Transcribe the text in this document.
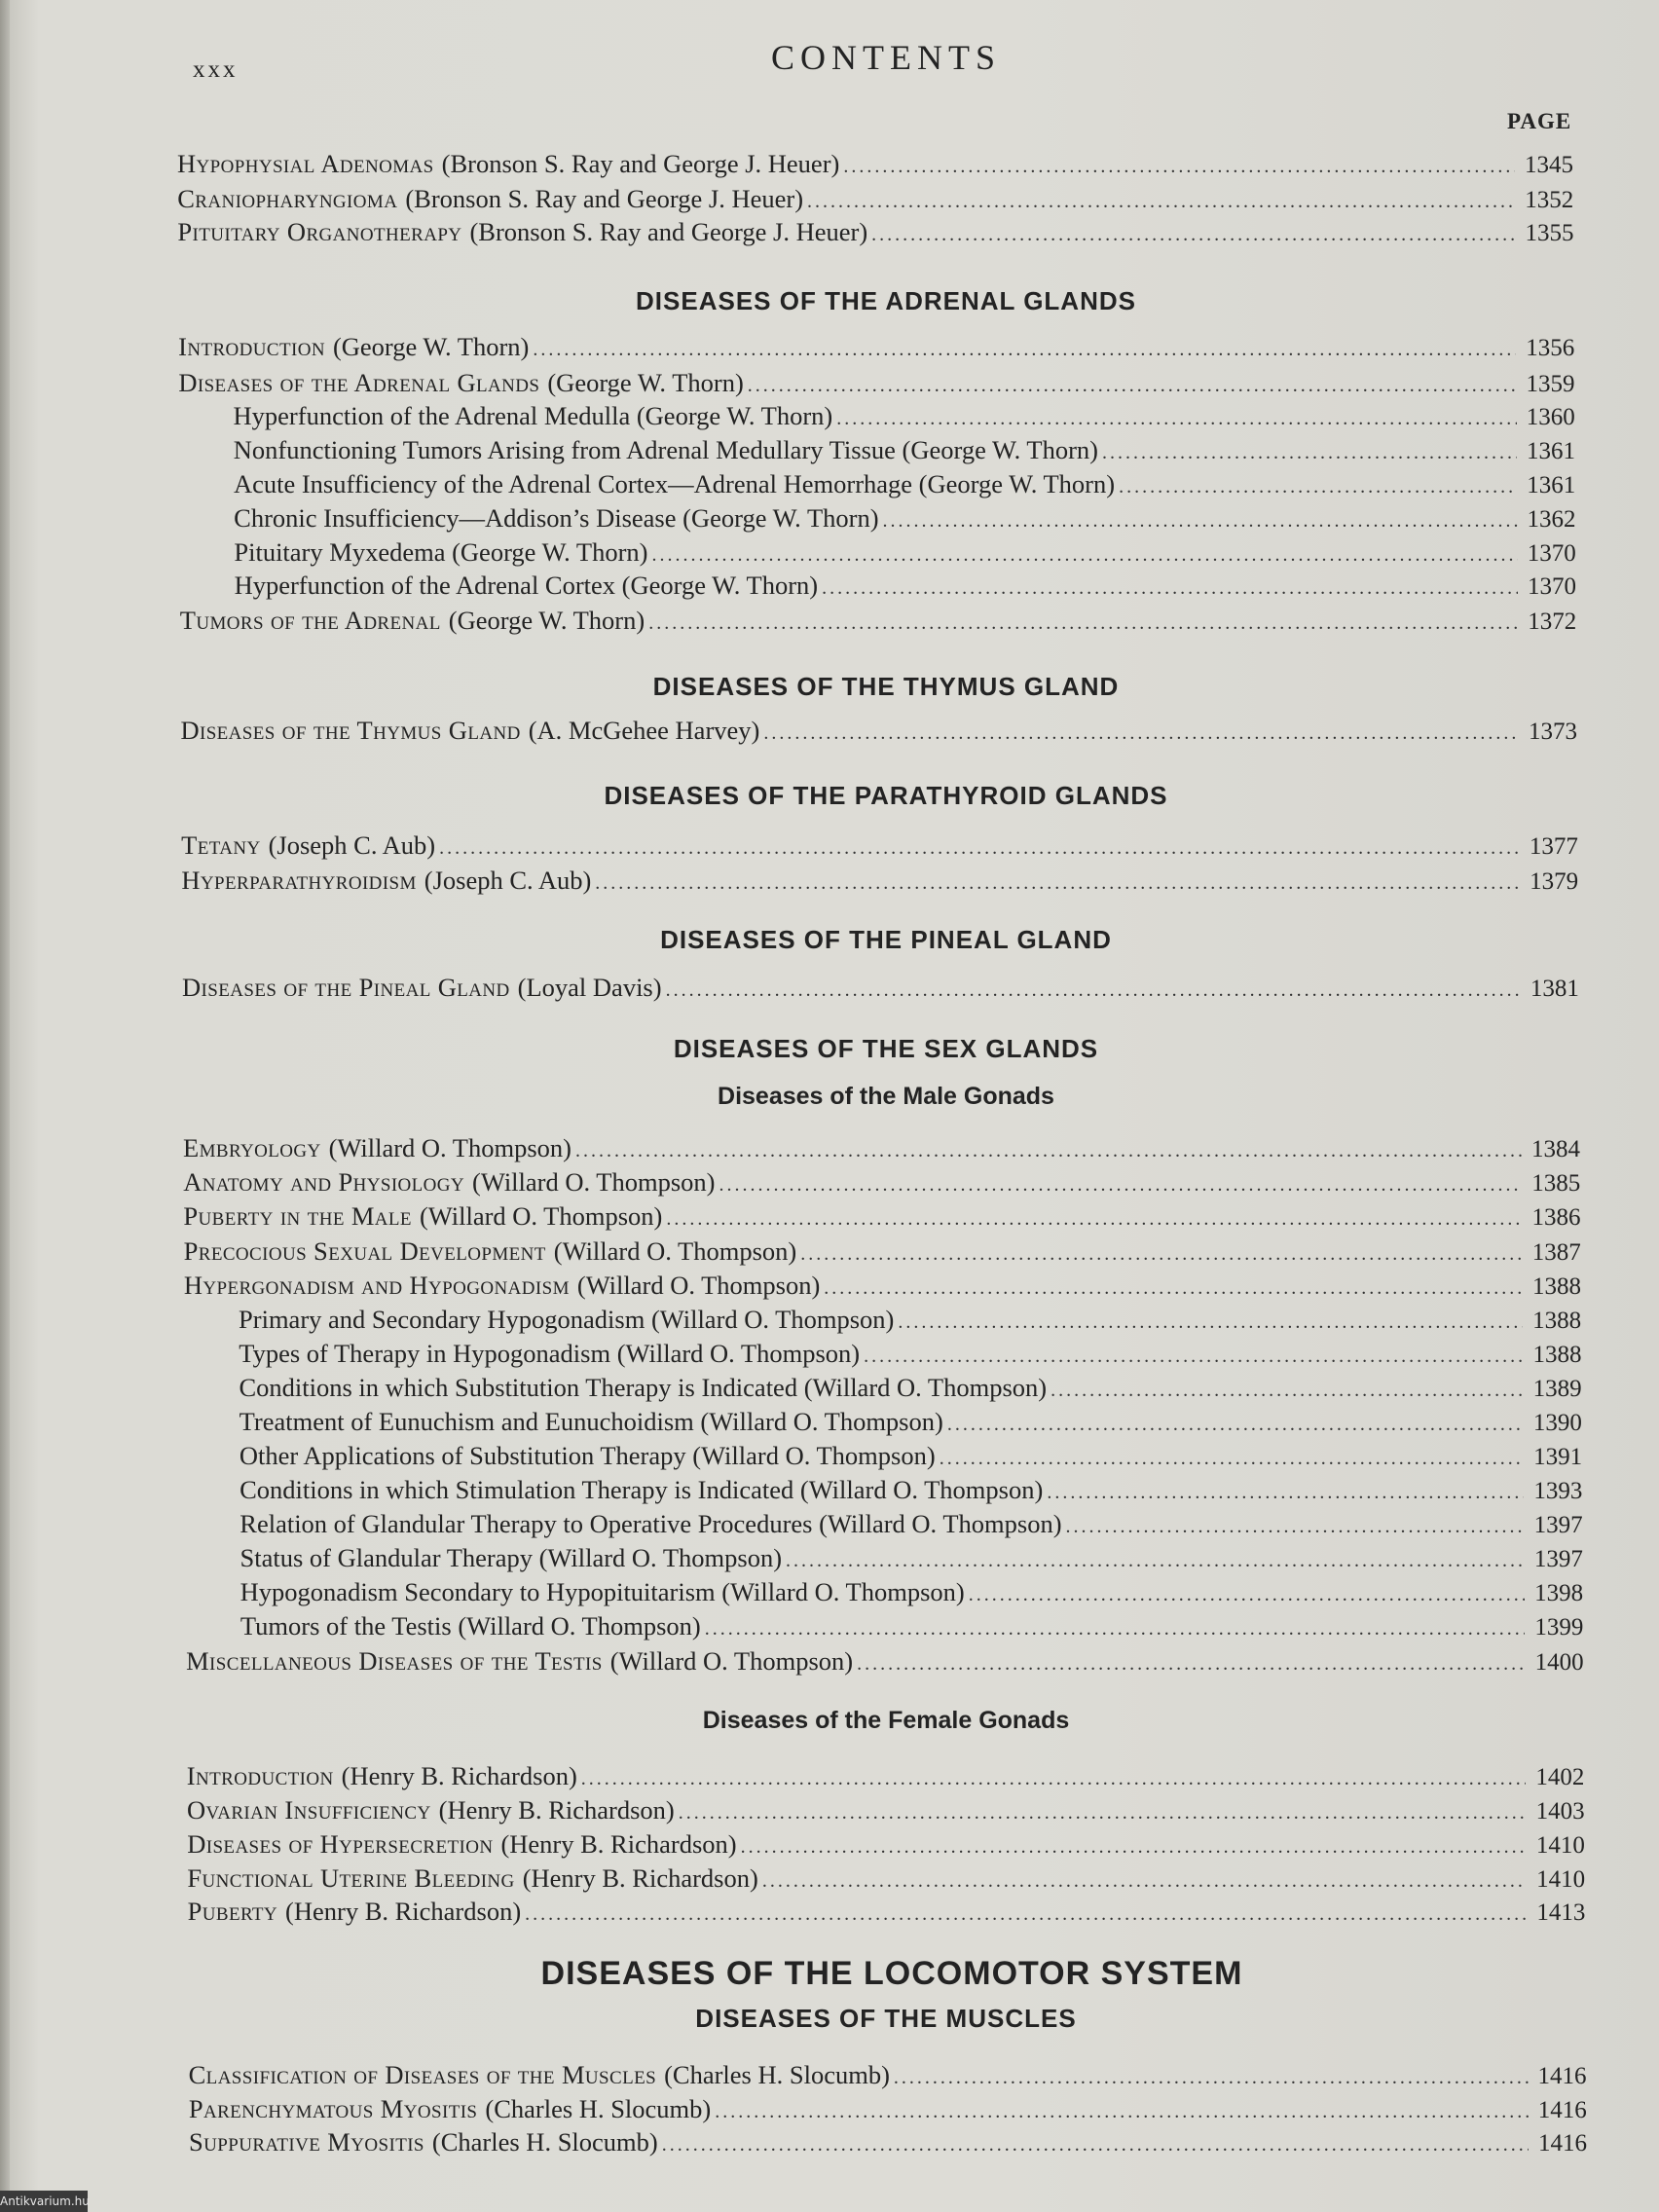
xxx	CONTENTS
PAGE
Hypophysial Adenomas (Bronson S. Ray and George J. Heuer) . . .	1345
Craniopharyngioma (Bronson S. Ray and George J. Heuer) . . .	1352
Pituitary Organotherapy (Bronson S. Ray and George J. Heuer) . . .	1355
DISEASES OF THE ADRENAL GLANDS
Introduction (George W. Thorn) . . .	1356
Diseases of the Adrenal Glands (George W. Thorn) . . .	1359
Hyperfunction of the Adrenal Medulla (George W. Thorn) . . .	1360
Nonfunctioning Tumors Arising from Adrenal Medullary Tissue (George W. Thorn) . . .	1361
Acute Insufficiency of the Adrenal Cortex—Adrenal Hemorrhage (George W. Thorn) . . .	1361
Chronic Insufficiency—Addison’s Disease (George W. Thorn) . . .	1362
Pituitary Myxedema (George W. Thorn) . . .	1370
Hyperfunction of the Adrenal Cortex (George W. Thorn) . . .	1370
Tumors of the Adrenal (George W. Thorn) . . .	1372
DISEASES OF THE THYMUS GLAND
Diseases of the Thymus Gland (A. McGehee Harvey) . . .	1373
DISEASES OF THE PARATHYROID GLANDS
Tetany (Joseph C. Aub) . . .	1377
Hyperparathyroidism (Joseph C. Aub) . . .	1379
DISEASES OF THE PINEAL GLAND
Diseases of the Pineal Gland (Loyal Davis) . . .	1381
DISEASES OF THE SEX GLANDS
Diseases of the Male Gonads
Embryology (Willard O. Thompson) . . .	1384
Anatomy and Physiology (Willard O. Thompson) . . .	1385
Puberty in the Male (Willard O. Thompson) . . .	1386
Precocious Sexual Development (Willard O. Thompson) . . .	1387
Hypergonadism and Hypogonadism (Willard O. Thompson) . . .	1388
Primary and Secondary Hypogonadism (Willard O. Thompson) . . .	1388
Types of Therapy in Hypogonadism (Willard O. Thompson) . . .	1388
Conditions in which Substitution Therapy is Indicated (Willard O. Thompson) . . .	1389
Treatment of Eunuchism and Eunuchoidism (Willard O. Thompson) . . .	1390
Other Applications of Substitution Therapy (Willard O. Thompson) . . .	1391
Conditions in which Stimulation Therapy is Indicated (Willard O. Thompson) . . .	1393
Relation of Glandular Therapy to Operative Procedures (Willard O. Thompson) . . .	1397
Status of Glandular Therapy (Willard O. Thompson) . . .	1397
Hypogonadism Secondary to Hypopituitarism (Willard O. Thompson) . . .	1398
Tumors of the Testis (Willard O. Thompson) . . .	1399
Miscellaneous Diseases of the Testis (Willard O. Thompson) . . .	1400
Diseases of the Female Gonads
Introduction (Henry B. Richardson) . . .	1402
Ovarian Insufficiency (Henry B. Richardson) . . .	1403
Diseases of Hypersecretion (Henry B. Richardson) . . .	1410
Functional Uterine Bleeding (Henry B. Richardson) . . .	1410
Puberty (Henry B. Richardson) . . .	1413
DISEASES OF THE LOCOMOTOR SYSTEM
DISEASES OF THE MUSCLES
Classification of Diseases of the Muscles (Charles H. Slocumb) . . .	1416
Parenchymatous Myositis (Charles H. Slocumb) . . .	1416
Suppurative Myositis (Charles H. Slocumb) . . .	1416
Antikvarium.hu
